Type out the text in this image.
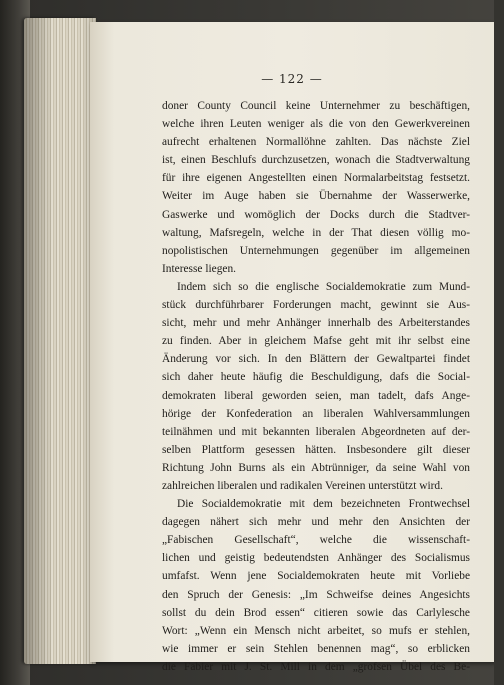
— 122 —
doner County Council keine Unternehmer zu beschäftigen,
welche ihren Leuten weniger als die von den Gewerkvereinen
aufrecht erhaltenen Normallöhne zahlten. Das nächste Ziel
ist, einen Beschlufs durchzusetzen, wonach die Stadtverwaltung
für ihre eigenen Angestellten einen Normalarbeitstag festsetzt.
Weiter im Auge haben sie Übernahme der Wasserwerke,
Gaswerke und womöglich der Docks durch die Stadtver-
waltung, Mafsregeln, welche in der That diesen völlig mo-
nopolistischen Unternehmungen gegenüber im allgemeinen
Interesse liegen.
Indem sich so die englische Socialdemokratie zum Mund-
stück durchführbarer Forderungen macht, gewinnt sie Aus-
sicht, mehr und mehr Anhänger innerhalb des Arbeiterstandes
zu finden. Aber in gleichem Mafse geht mit ihr selbst eine
Änderung vor sich. In den Blättern der Gewaltpartei findet
sich daher heute häufig die Beschuldigung, dafs die Social-
demokraten liberal geworden seien, man tadelt, dafs Ange-
hörige der Konfederation an liberalen Wahlversammlungen
teilnähmen und mit bekannten liberalen Abgeordneten auf der-
selben Plattform gesessen hätten. Insbesondere gilt dieser
Richtung John Burns als ein Abtrünniger, da seine Wahl von
zahlreichen liberalen und radikalen Vereinen unterstützt wird.
Die Socialdemokratie mit dem bezeichneten Frontwechsel
dagegen nähert sich mehr und mehr den Ansichten der
„Fabischen Gesellschaft“, welche die wissenschaft-
lichen und geistig bedeutendsten Anhänger des Socialismus
umfafst. Wenn jene Socialdemokraten heute mit Vorliebe
den Spruch der Genesis: „Im Schweifse deines Angesichts
sollst du dein Brod essen“ citieren sowie das Carlylesche
Wort: „Wenn ein Mensch nicht arbeitet, so mufs er stehlen,
wie immer er sein Stehlen benennen mag“, so erblicken
die Fabier mit J. St. Mill in dem „grofsen Übel des Be-
